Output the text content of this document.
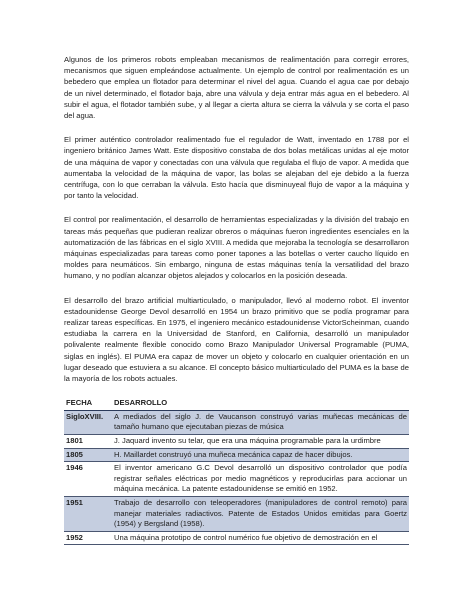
Algunos de los primeros robots empleaban mecanismos de realimentación para corregir errores, mecanismos que siguen empleándose actualmente. Un ejemplo de control por realimentación es un bebedero que emplea un flotador para determinar el nivel del agua. Cuando el agua cae por debajo de un nivel determinado, el flotador baja, abre una válvula y deja entrar más agua en el bebedero. Al subir el agua, el flotador también sube, y al llegar a cierta altura se cierra la válvula y se corta el paso del agua.

El primer auténtico controlador realimentado fue el regulador de Watt, inventado en 1788 por el ingeniero británico James Watt. Este dispositivo constaba de dos bolas metálicas unidas al eje motor de una máquina de vapor y conectadas con una válvula que regulaba el flujo de vapor. A medida que aumentaba la velocidad de la máquina de vapor, las bolas se alejaban del eje debido a la fuerza centrífuga, con lo que cerraban la válvula. Esto hacía que disminuyeal flujo de vapor a la máquina y por tanto la velocidad.

El control por realimentación, el desarrollo de herramientas especializadas y la división del trabajo en tareas más pequeñas que pudieran realizar obreros o máquinas fueron ingredientes esenciales en la automatización de las fábricas en el siglo XVIII. A medida que mejoraba la tecnología se desarrollaron máquinas especializadas para tareas como poner tapones a las botellas o verter caucho líquido en moldes para neumáticos. Sin embargo, ninguna de estas máquinas tenía la versatilidad del brazo humano, y no podían alcanzar objetos alejados y colocarlos en la posición deseada.

El desarrollo del brazo artificial multiarticulado, o manipulador, llevó al moderno robot. El inventor estadounidense George Devol desarrolló en 1954 un brazo primitivo que se podía programar para realizar tareas específicas. En 1975, el ingeniero mecánico estadounidense VictorScheinman, cuando estudiaba la carrera en la Universidad de Stanford, en California, desarrolló un manipulador polivalente realmente flexible conocido como Brazo Manipulador Universal Programable (PUMA, siglas en inglés). El PUMA era capaz de mover un objeto y colocarlo en cualquier orientación en un lugar deseado que estuviera a su alcance. El concepto básico multiarticulado del PUMA es la base de la mayoría de los robots actuales.

FECHA	DESARROLLO
SigloXVIII.	A mediados del siglo J. de Vaucanson construyó varias muñecas mecánicas de tamaño humano que ejecutaban piezas de música
1801	J. Jaquard invento su telar, que era una máquina programable para la urdimbre
1805	H. Maillardet construyó una muñeca mecánica capaz de hacer dibujos.
1946	El inventor americano G.C Devol desarrolló un dispositivo controlador que podía registrar señales eléctricas por medio magnéticos y reproducirlas para accionar un máquina mecánica. La patente estadounidense se emitió en 1952.
1951	Trabajo de desarrollo con teleoperadores (manipuladores de control remoto) para manejar materiales radiactivos. Patente de Estados Unidos emitidas para Goertz (1954) y Bergsland (1958).
1952	Una máquina prototipo de control numérico fue objetivo de demostración en el
